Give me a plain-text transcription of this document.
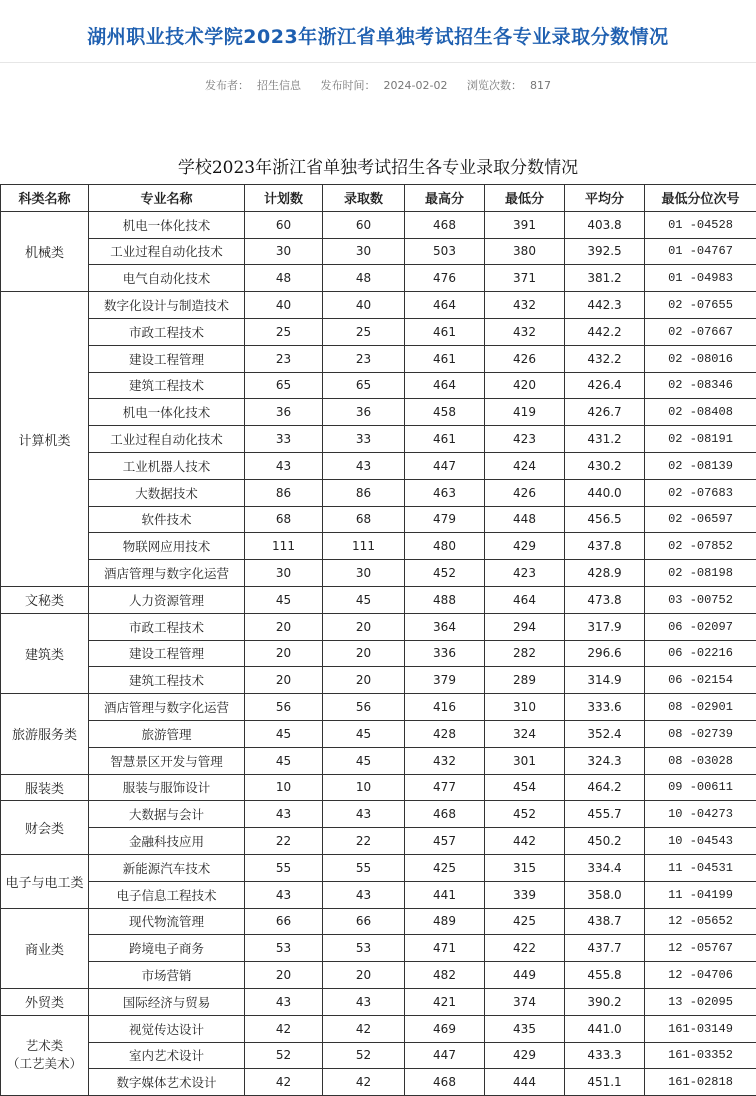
湖州职业技术学院2023年浙江省单独考试招生各专业录取分数情况
发布者： 招生信息 发布时间： 2024-02-02 浏览次数： 817
学校2023年浙江省单独考试招生各专业录取分数情况
科类名称	专业名称	计划数	录取数	最高分	最低分	平均分	最低分位次号
机械类	机电一体化技术	60	60	468	391	403.8	01 -04528
	工业过程自动化技术	30	30	503	380	392.5	01 -04767
	电气自动化技术	48	48	476	371	381.2	01 -04983
计算机类	数字化设计与制造技术	40	40	464	432	442.3	02 -07655
	市政工程技术	25	25	461	432	442.2	02 -07667
	建设工程管理	23	23	461	426	432.2	02 -08016
	建筑工程技术	65	65	464	420	426.4	02 -08346
	机电一体化技术	36	36	458	419	426.7	02 -08408
	工业过程自动化技术	33	33	461	423	431.2	02 -08191
	工业机器人技术	43	43	447	424	430.2	02 -08139
	大数据技术	86	86	463	426	440.0	02 -07683
	软件技术	68	68	479	448	456.5	02 -06597
	物联网应用技术	111	111	480	429	437.8	02 -07852
	酒店管理与数字化运营	30	30	452	423	428.9	02 -08198
文秘类	人力资源管理	45	45	488	464	473.8	03 -00752
建筑类	市政工程技术	20	20	364	294	317.9	06 -02097
	建设工程管理	20	20	336	282	296.6	06 -02216
	建筑工程技术	20	20	379	289	314.9	06 -02154
旅游服务类	酒店管理与数字化运营	56	56	416	310	333.6	08 -02901
	旅游管理	45	45	428	324	352.4	08 -02739
	智慧景区开发与管理	45	45	432	301	324.3	08 -03028
服装类	服装与服饰设计	10	10	477	454	464.2	09 -00611
财会类	大数据与会计	43	43	468	452	455.7	10 -04273
	金融科技应用	22	22	457	442	450.2	10 -04543
电子与电工类	新能源汽车技术	55	55	425	315	334.4	11 -04531
	电子信息工程技术	43	43	441	339	358.0	11 -04199
商业类	现代物流管理	66	66	489	425	438.7	12 -05652
	跨境电子商务	53	53	471	422	437.7	12 -05767
	市场营销	20	20	482	449	455.8	12 -04706
外贸类	国际经济与贸易	43	43	421	374	390.2	13 -02095
艺术类
（工艺美术）	视觉传达设计	42	42	469	435	441.0	161-03149
	室内艺术设计	52	52	447	429	433.3	161-03352
	数字媒体艺术设计	42	42	468	444	451.1	161-02818
